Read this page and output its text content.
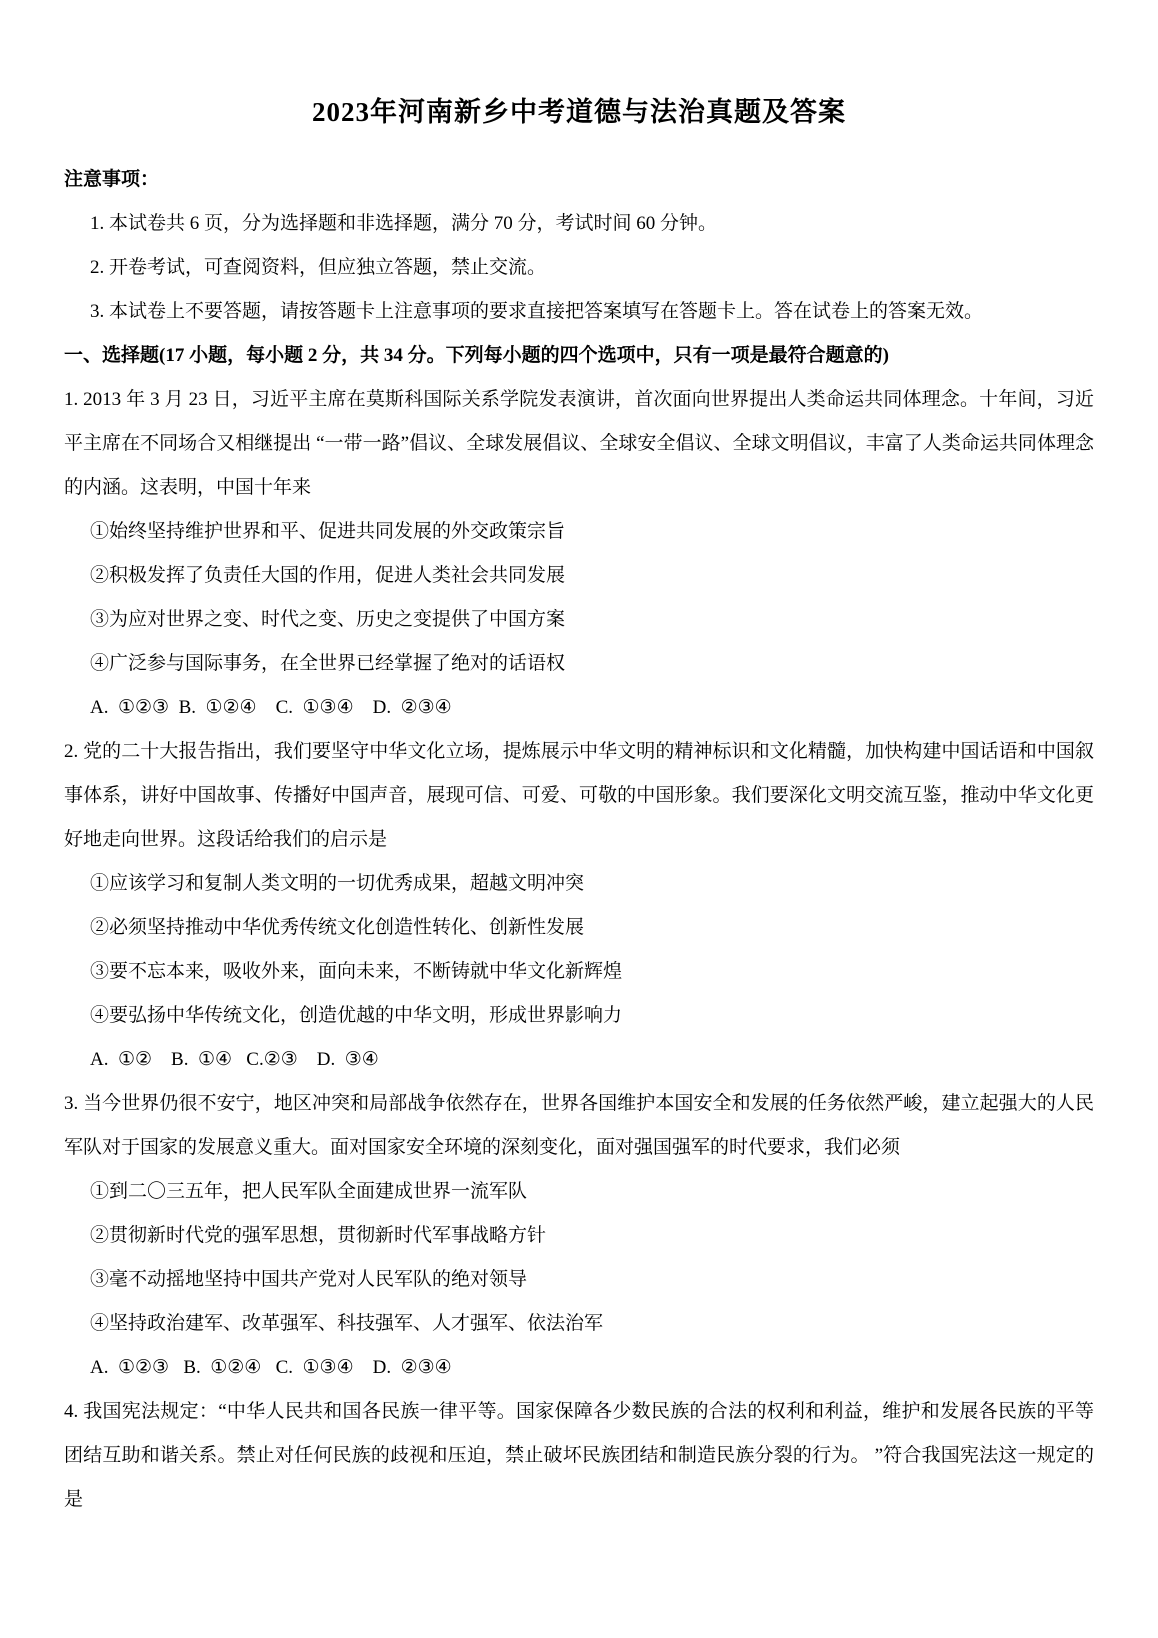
2023年河南新乡中考道德与法治真题及答案

注意事项：

1. 本试卷共 6 页，分为选择题和非选择题，满分 70 分，考试时间 60 分钟。

2. 开卷考试，可查阅资料，但应独立答题，禁止交流。

3. 本试卷上不要答题，请按答题卡上注意事项的要求直接把答案填写在答题卡上。答在试卷上的答案无效。

一、选择题(17 小题，每小题 2 分，共 34 分。下列每小题的四个选项中，只有一项是最符合题意的)

1. 2013 年 3 月 23 日，习近平主席在莫斯科国际关系学院发表演讲，首次面向世界提出人类命运共同体理念。十年间，习近平主席在不同场合又相继提出 “一带一路”倡议、全球发展倡议、全球安全倡议、全球文明倡议，丰富了人类命运共同体理念的内涵。这表明，中国十年来

①始终坚持维护世界和平、促进共同发展的外交政策宗旨

②积极发挥了负责任大国的作用，促进人类社会共同发展

③为应对世界之变、时代之变、历史之变提供了中国方案

④广泛参与国际事务，在全世界已经掌握了绝对的话语权

A.  ①②③  B.  ①②④    C.  ①③④    D.  ②③④

2. 党的二十大报告指出，我们要坚守中华文化立场，提炼展示中华文明的精神标识和文化精髓，加快构建中国话语和中国叙事体系，讲好中国故事、传播好中国声音，展现可信、可爱、可敬的中国形象。我们要深化文明交流互鉴，推动中华文化更好地走向世界。这段话给我们的启示是

①应该学习和复制人类文明的一切优秀成果，超越文明冲突

②必须坚持推动中华优秀传统文化创造性转化、创新性发展

③要不忘本来，吸收外来，面向未来，不断铸就中华文化新辉煌

④要弘扬中华传统文化，创造优越的中华文明，形成世界影响力

A.  ①②    B.  ①④   C.②③    D.  ③④

3. 当今世界仍很不安宁，地区冲突和局部战争依然存在，世界各国维护本国安全和发展的任务依然严峻，建立起强大的人民军队对于国家的发展意义重大。面对国家安全环境的深刻变化，面对强国强军的时代要求，我们必须

①到二〇三五年，把人民军队全面建成世界一流军队

②贯彻新时代党的强军思想，贯彻新时代军事战略方针

③毫不动摇地坚持中国共产党对人民军队的绝对领导

④坚持政治建军、改革强军、科技强军、人才强军、依法治军

A.  ①②③   B.  ①②④   C.  ①③④    D.  ②③④

4. 我国宪法规定：“中华人民共和国各民族一律平等。国家保障各少数民族的合法的权利和利益，维护和发展各民族的平等团结互助和谐关系。禁止对任何民族的歧视和压迫，禁止破坏民族团结和制造民族分裂的行为。 ”符合我国宪法这一规定的是
